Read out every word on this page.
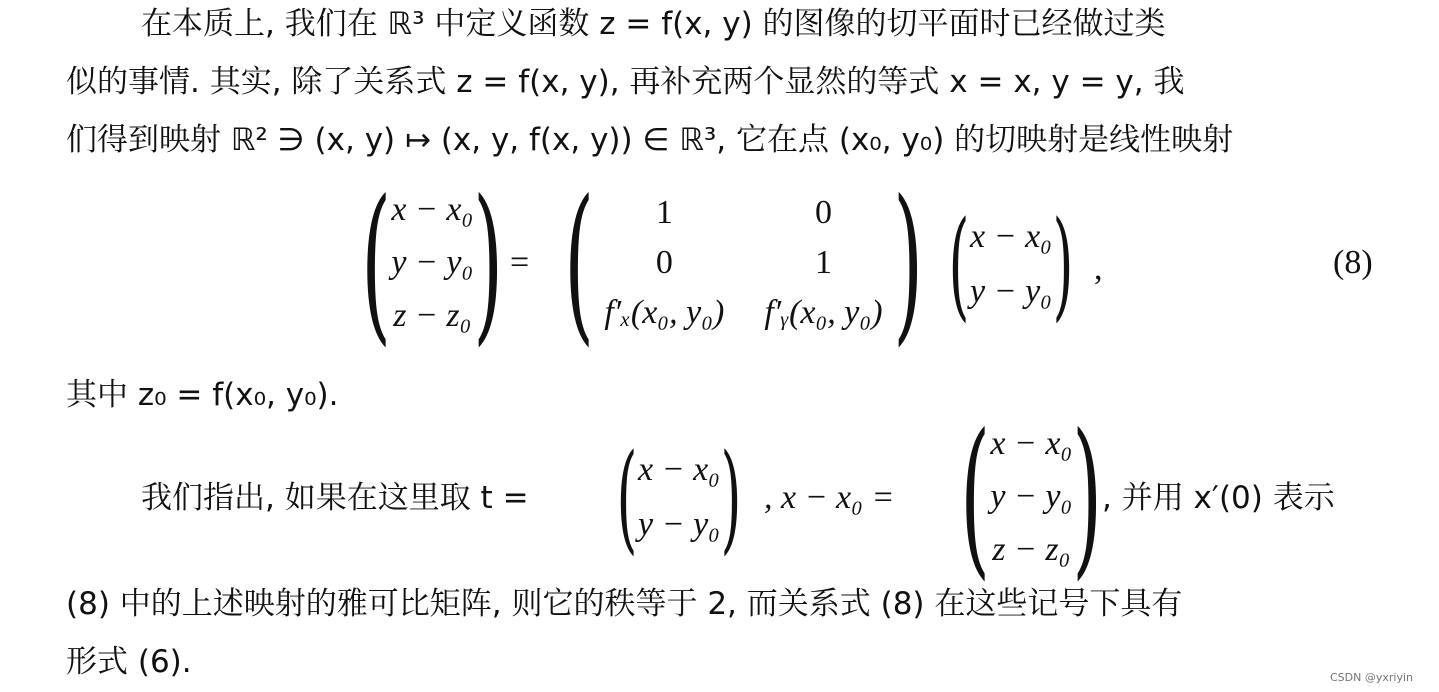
在本质上, 我们在 ℝ³ 中定义函数 z = f(x, y) 的图像的切平面时已经做过类
似的事情. 其实, 除了关系式 z = f(x, y), 再补充两个显然的等式 x = x, y = y, 我
们得到映射 ℝ² ∋ (x, y) ↦ (x, y, f(x, y)) ∈ ℝ³, 它在点 (x₀, y₀) 的切映射是线性映射
( x − x₀
y − y₀
z − z₀ ) = (	1	0
0	1
f′ₓ(x₀, y₀) f′ᵧ(x₀, y₀) ) ( x − x₀
y − y₀ ) ,	(8)
其中 z₀ = f(x₀, y₀).
我们指出, 如果在这里取 t = ( x − x₀
y − y₀ ) , x − x₀ = ( x − x₀
y − y₀
z − z₀ ) , 并用 x′(0) 表示
(8) 中的上述映射的雅可比矩阵, 则它的秩等于 2, 而关系式 (8) 在这些记号下具有
形式 (6).	CSDN @yxriyin
